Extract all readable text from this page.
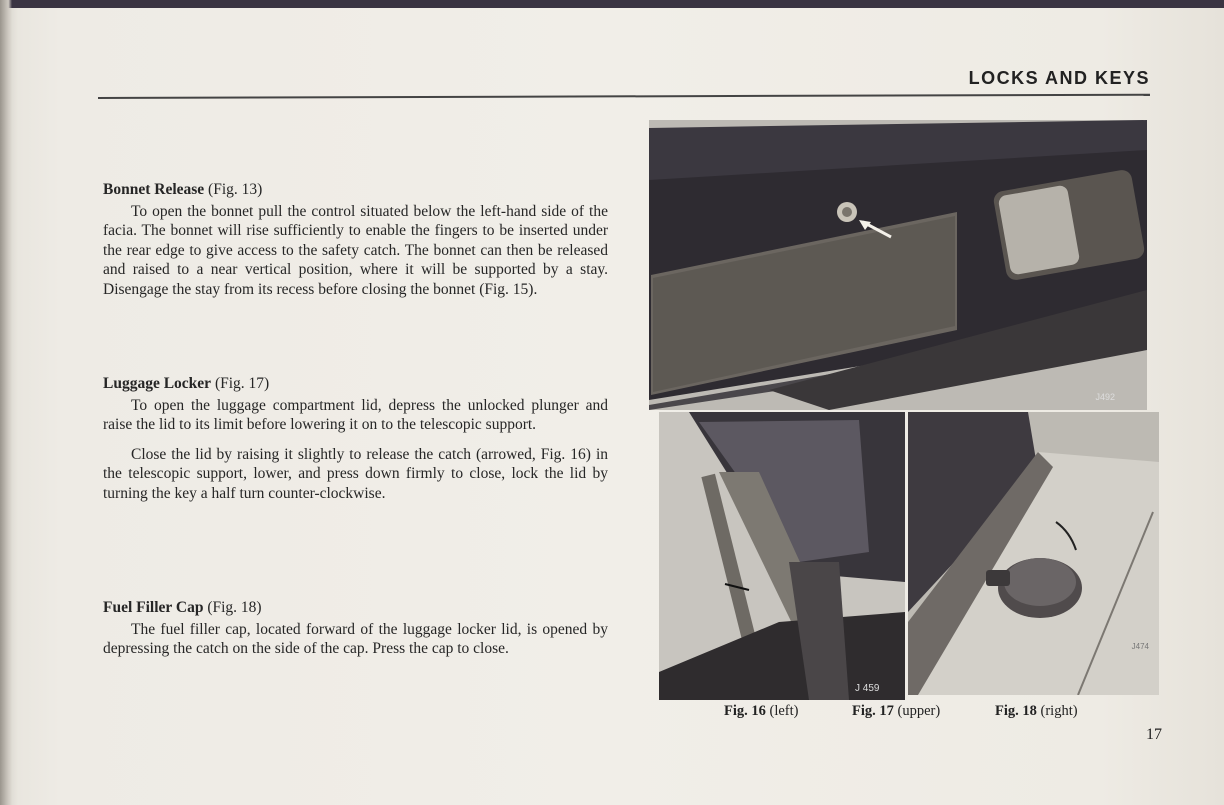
LOCKS AND KEYS
Bonnet Release (Fig. 13)

To open the bonnet pull the control situated below the left-hand side of the facia. The bonnet will rise sufficiently to enable the fingers to be inserted under the rear edge to give access to the safety catch. The bonnet can then be released and raised to a near vertical position, where it will be supported by a stay. Disengage the stay from its recess before closing the bonnet (Fig. 15).

Luggage Locker (Fig. 17)

To open the luggage compartment lid, depress the unlocked plunger and raise the lid to its limit before lowering it on to the telescopic support.

Close the lid by raising it slightly to release the catch (arrowed, Fig. 16) in the telescopic support, lower, and press down firmly to close, lock the lid by turning the key a half turn counter-clockwise.

Fuel Filler Cap (Fig. 18)

The fuel filler cap, located forward of the luggage locker lid, is opened by depressing the catch on the side of the cap. Press the cap to close.

J492
J 459
J474
Fig. 16 (left)	Fig. 17 (upper)	Fig. 18 (right)
17
